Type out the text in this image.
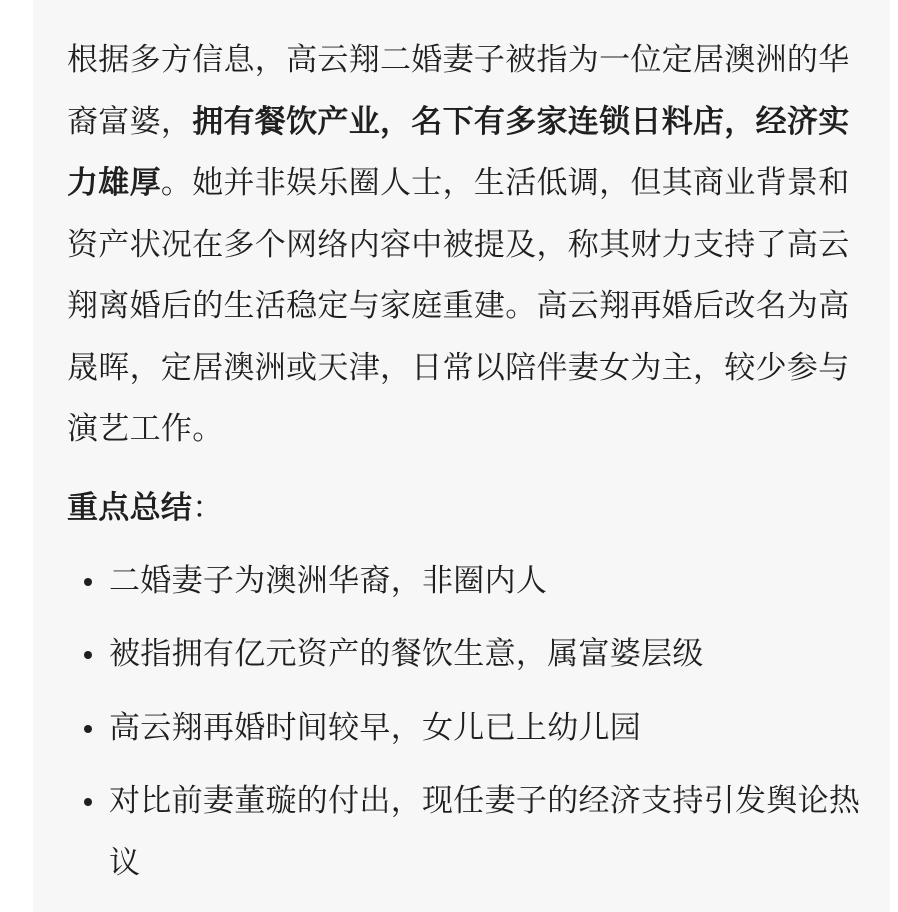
根据多方信息，高云翔二婚妻子被指为一位定居澳洲的华裔富婆，拥有餐饮产业，名下有多家连锁日料店，经济实力雄厚。她并非娱乐圈人士，生活低调，但其商业背景和资产状况在多个网络内容中被提及，称其财力支持了高云翔离婚后的生活稳定与家庭重建。高云翔再婚后改名为高晟晖，定居澳洲或天津，日常以陪伴妻女为主，较少参与演艺工作。

重点总结：

二婚妻子为澳洲华裔，非圈内人
被指拥有亿元资产的餐饮生意，属富婆层级
高云翔再婚时间较早，女儿已上幼儿园
对比前妻董璇的付出，现任妻子的经济支持引发舆论热议
